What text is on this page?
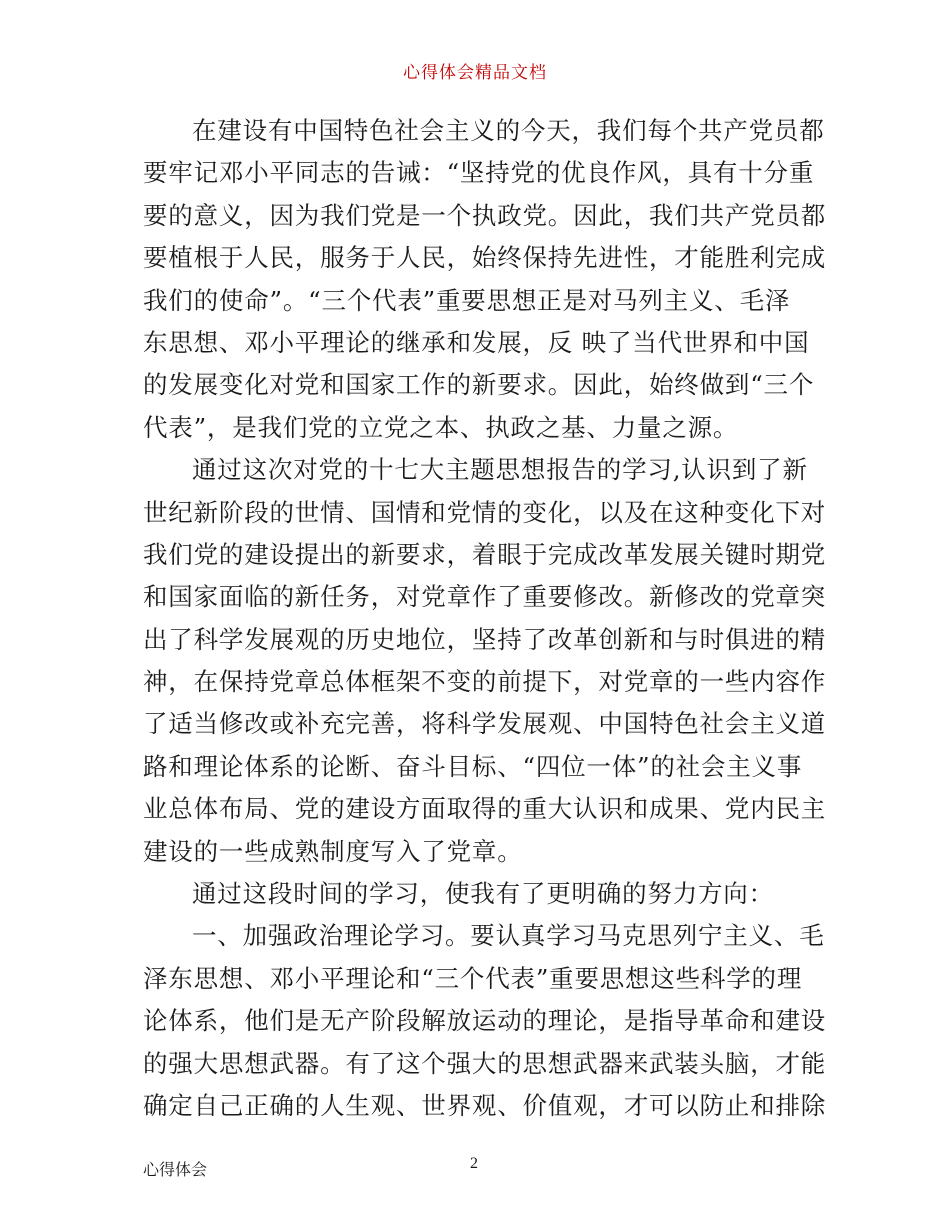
心得体会精品文档
在建设有中国特色社会主义的今天，我们每个共产党员都
要牢记邓小平同志的告诫：“坚持党的优良作风，具有十分重
要的意义，因为我们党是一个执政党。因此，我们共产党员都
要植根于人民，服务于人民，始终保持先进性，才能胜利完成
我们的使命”。“三个代表”重要思想正是对马列主义、毛泽
东思想、邓小平理论的继承和发展，反 映了当代世界和中国
的发展变化对党和国家工作的新要求。因此，始终做到“三个
代表”，是我们党的立党之本、执政之基、力量之源。
通过这次对党的十七大主题思想报告的学习,认识到了新
世纪新阶段的世情、国情和党情的变化，以及在这种变化下对
我们党的建设提出的新要求，着眼于完成改革发展关键时期党
和国家面临的新任务，对党章作了重要修改。新修改的党章突
出了科学发展观的历史地位，坚持了改革创新和与时俱进的精
神，在保持党章总体框架不变的前提下，对党章的一些内容作
了适当修改或补充完善，将科学发展观、中国特色社会主义道
路和理论体系的论断、奋斗目标、“四位一体”的社会主义事
业总体布局、党的建设方面取得的重大认识和成果、党内民主
建设的一些成熟制度写入了党章。
通过这段时间的学习，使我有了更明确的努力方向：
一、加强政治理论学习。要认真学习马克思列宁主义、毛
泽东思想、邓小平理论和“三个代表”重要思想这些科学的理
论体系，他们是无产阶段解放运动的理论，是指导革命和建设
的强大思想武器。有了这个强大的思想武器来武装头脑，才能
确定自己正确的人生观、世界观、价值观，才可以防止和排除
心得体会	2
